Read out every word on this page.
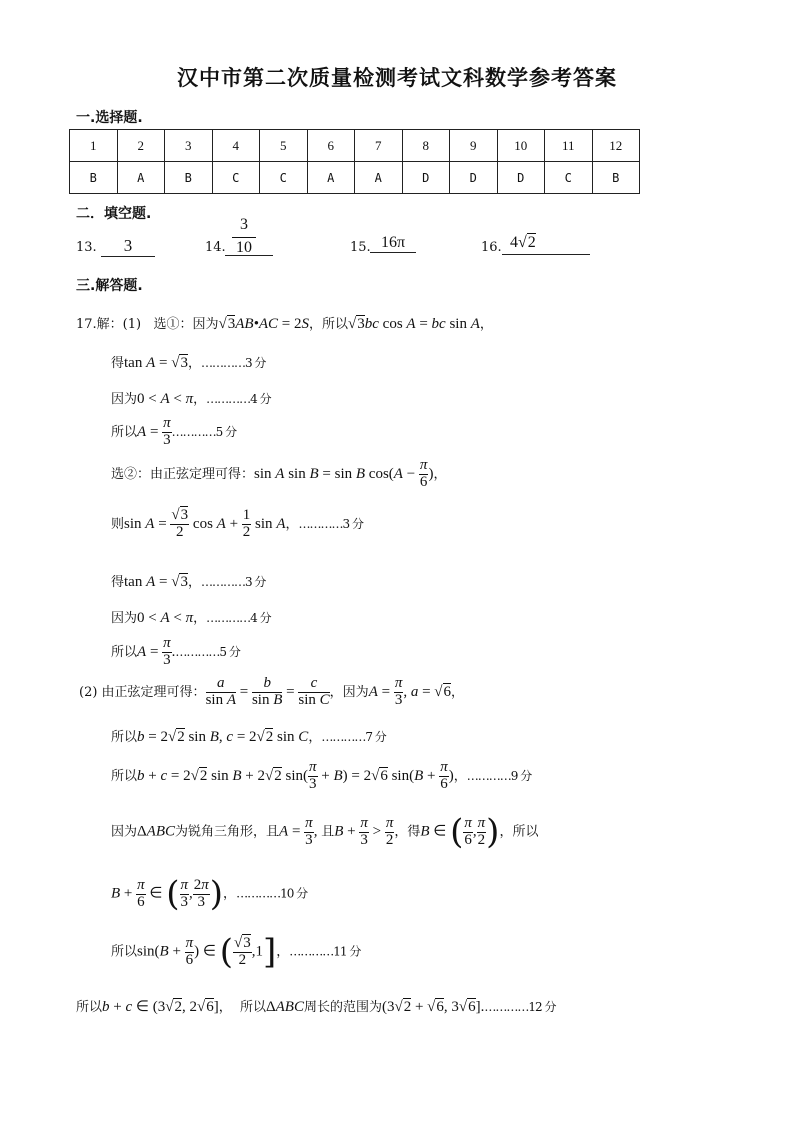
汉中市第二次质量检测考试文科数学参考答案
一.选择题.
1	2	3	4	5	6	7	8	9	10	11	12
B	A	B	C	C	A	A	D	D	D	C	B
二．填空题.
13.	3	14.
3
10	15. 16π	16. 4√2
三.解答题.
17.解：(1) 选①：因为√3AB•AC = 2S，所以√3bc cos A = bc sin A，
得tan A = √3，…………3 分
因为0 < A < π，…………4 分
所以$A = \frac{\pi}{3}$ …………5 分
选②：由正弦定理可得：sin A sin B = sin B $\cos(A - \frac{\pi}{6}$ )，
则$\sin A = \frac{√3}{2}$ $\cos A + \frac{1}{2}$ sin A，…………3 分
得tan A = √3，…………3 分
因为0 < A < π，…………4 分
所以$A = \frac{\pi}{3}$ .…………5 分
(2) 由正弦定理可得： $\frac{a}{\text{sin A}} = \frac{b}{\text{sin B}} = \frac{c}{\text{sin C}}$ ，因为$A = \frac{\pi}{3}$ , a = √6，
所以b = 2√2 sin B, c = 2√2 sin C，…………7 分
所以b + c = 2√2 sin B + 2√2 $\sin( \frac{\pi}{3} + B) = 2√6$ $\sin(B + \frac{\pi}{6}$ )，…………9 分
因为ΔABC为锐角三角形，且$A = \frac{\pi}{3}$ , 且$B + \frac{\pi}{3} > \frac{\pi}{2}$ ，得B ∈ ( $\frac{\pi}{6}$ , $\frac{\pi}{2}$ )，所以
$B + \frac{\pi}{6}$ ∈ ( $\frac{\pi}{3}$ , $\frac{2\pi}{3}$ )，…………10 分
所以$\sin(B + \frac{\pi}{6}$ ) ∈ ( $\frac{√3}{2} ,1$]，…………11 分
所以b + c ∈ (3√2, 2√6]，  所以ΔABC周长的范围为(3√2 + √6, 3√6].…………12 分
